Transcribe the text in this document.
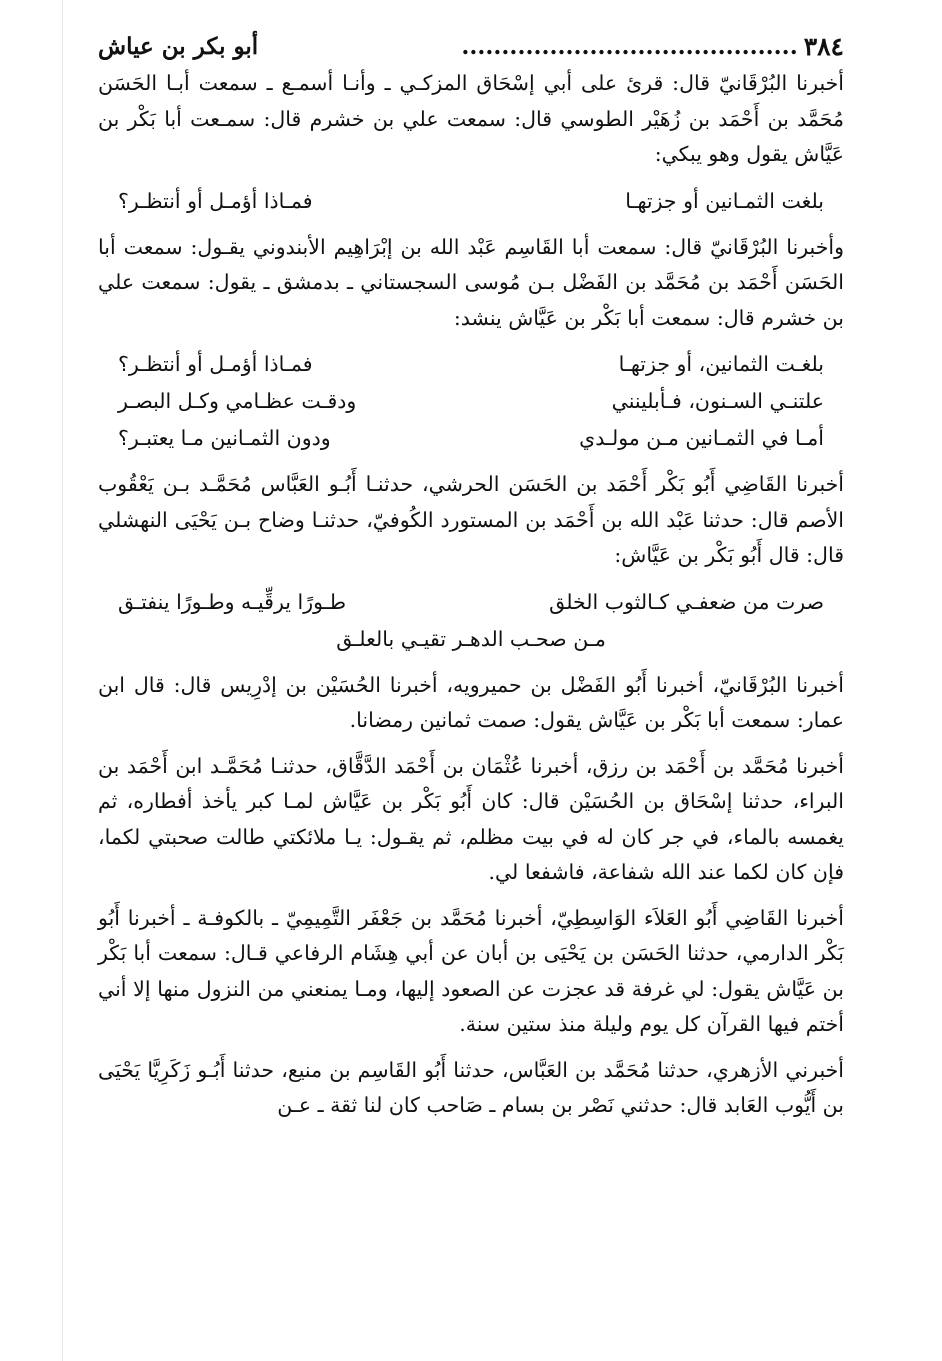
٣٨٤
..........................................
أبو بكر بن عياش

أخبرنا البُرْقَانيّ قال: قرئ على أبي إسْحَاق المزكـي ـ وأنـا أسمـع ـ سمعت أبـا الحَسَن مُحَمَّد بن أَحْمَد بن زُهَيْر الطوسي قال: سمعت علي بن خشرم قال: سمـعت أبا بَكْر بن عَيَّاش يقول وهو يبكي:

بلغت الثمـانين أو جزتهـا
فمـاذا أؤمـل أو أنتظـر؟

وأخبرنا البُرْقَانيّ قال: سمعت أبا القَاسِم عَبْد الله بن إبْرَاهِيم الأبندوني يقـول: سمعت أبا الحَسَن أَحْمَد بن مُحَمَّد بن الفَضْل بـن مُوسى السجستاني ـ بدمشق ـ يقول: سمعت علي بن خشرم قال: سمعت أبا بَكْر بن عَيَّاش ينشد:

بلغـت الثمانين، أو جزتهـا
فمـاذا أؤمـل أو أنتظـر؟
علتنـي السـنون، فـأبلينني
ودقـت عظـامي وكـل البصـر
أمـا في الثمـانين مـن مولـدي
ودون الثمـانين مـا يعتبـر؟

أخبرنا القَاضِي أَبُو بَكْر أَحْمَد بن الحَسَن الحرشي، حدثنـا أَبُـو العَبَّاس مُحَمَّـد بـن يَعْقُوب الأصم قال: حدثنا عَبْد الله بن أَحْمَد بن المستورد الكُوفيّ، حدثنـا وضاح بـن يَحْيَى النهشلي قال: قال أَبُو بَكْر بن عَيَّاش:

صرت من ضعفـي كـالثوب الخلق
طـورًا يرقِّيـه وطـورًا ينفتـق
مـن صحـب الدهـر تقيـي بالعلـق

أخبرنا البُرْقَانيّ، أخبرنا أَبُو الفَضْل بن حميرويه، أخبرنا الحُسَيْن بن إدْرِيس قال: قال ابن عمار: سمعت أبا بَكْر بن عَيَّاش يقول: صمت ثمانين رمضانا.

أخبرنا مُحَمَّد بن أَحْمَد بن رزق، أخبرنا عُثْمَان بن أَحْمَد الدَّقَّاق، حدثنـا مُحَمَّـد ابن أَحْمَد بن البراء، حدثنا إسْحَاق بن الحُسَيْن قال: كان أَبُو بَكْر بن عَيَّاش لمـا كبر يأخذ أفطاره، ثم يغمسه بالماء، في جر كان له في بيت مظلم، ثم يقـول: يـا ملائكتي طالت صحبتي لكما، فإن كان لكما عند الله شفاعة، فاشفعا لي.

أخبرنا القَاضِي أَبُو العَلاَء الوَاسِطِيّ، أخبرنا مُحَمَّد بن جَعْفَر التَّمِيمِيّ ـ بالكوفـة ـ أخبرنا أَبُو بَكْر الدارمي، حدثنا الحَسَن بن يَحْيَى بن أبان عن أبي هِشَام الرفاعي قـال: سمعت أبا بَكْر بن عَيَّاش يقول: لي غرفة قد عجزت عن الصعود إليها، ومـا يمنعني من النزول منها إلا أني أختم فيها القرآن كل يوم وليلة منذ ستين سنة.

أخبرني الأزهري، حدثنا مُحَمَّد بن العَبَّاس، حدثنا أَبُو القَاسِم بن منيع، حدثنا أَبُـو زَكَرِيَّا يَحْيَى بن أَيُّوب العَابد قال: حدثني نَصْر بن بسام ـ صَاحب كان لنا ثقة ـ عـن
